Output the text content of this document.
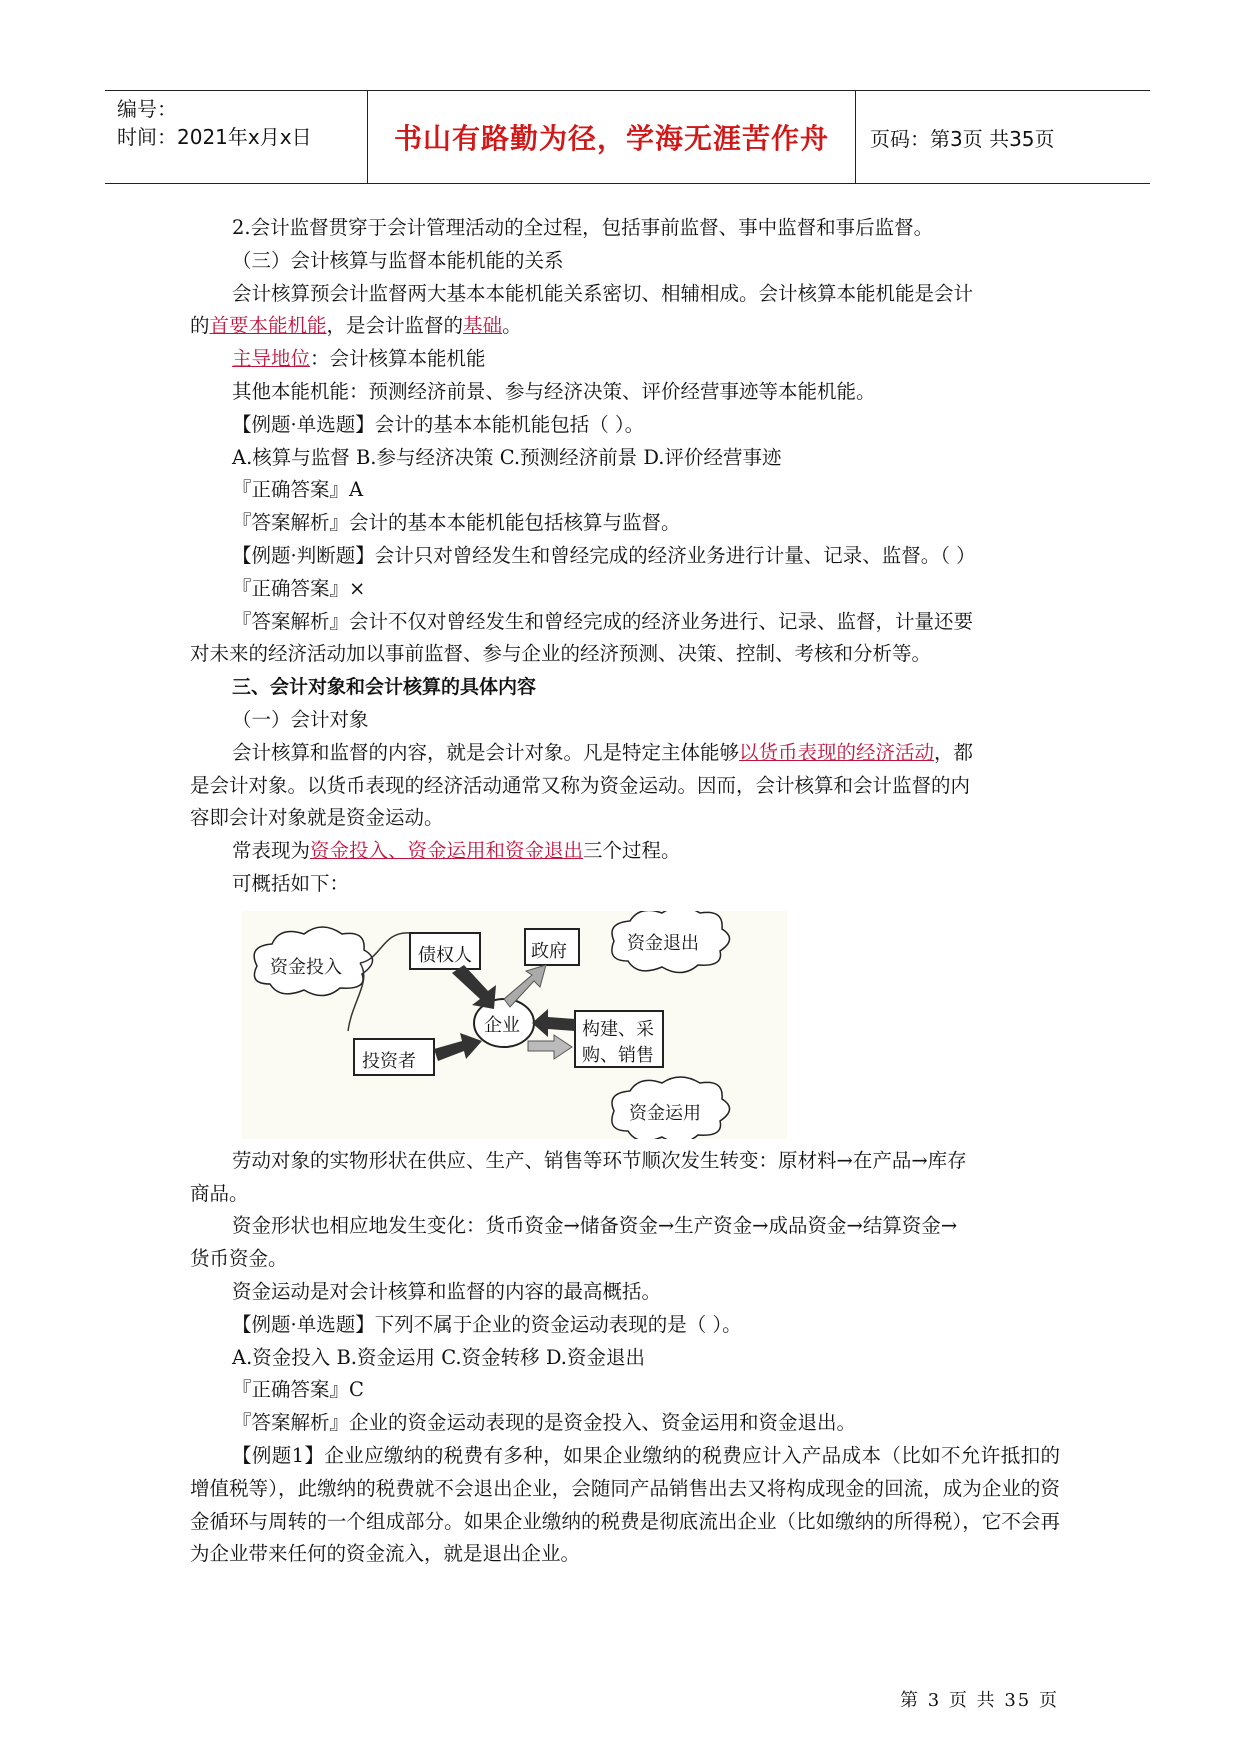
编号：
时间：2021年x月x日	书山有路勤为径，学海无涯苦作舟	页码：第3页 共35页
2.会计监督贯穿于会计管理活动的全过程，包括事前监督、事中监督和事后监督。
（三）会计核算与监督本能机能的关系
会计核算预会计监督两大基本本能机能关系密切、相辅相成。会计核算本能机能是会计
的首要本能机能，是会计监督的基础。
主导地位：会计核算本能机能
其他本能机能：预测经济前景、参与经济决策、评价经营事迹等本能机能。
【例题·单选题】会计的基本本能机能包括（ ）。
A.核算与监督 B.参与经济决策 C.预测经济前景 D.评价经营事迹
『正确答案』A
『答案解析』会计的基本本能机能包括核算与监督。
【例题·判断题】会计只对曾经发生和曾经完成的经济业务进行计量、记录、监督。（ ）
『正确答案』×
『答案解析』会计不仅对曾经发生和曾经完成的经济业务进行、记录、监督，计量还要
对未来的经济活动加以事前监督、参与企业的经济预测、决策、控制、考核和分析等。
三、会计对象和会计核算的具体内容
（一）会计对象
会计核算和监督的内容，就是会计对象。凡是特定主体能够以货币表现的经济活动，都
是会计对象。以货币表现的经济活动通常又称为资金运动。因而，会计核算和会计监督的内
容即会计对象就是资金运动。
常表现为资金投入、资金运用和资金退出三个过程。
可概括如下：
资金投入
债权人	政府	资金退出
企业
投资者
构建、采
购、销售
资金运用
劳动对象的实物形状在供应、生产、销售等环节顺次发生转变：原材料→在产品→库存
商品。
资金形状也相应地发生变化：货币资金→储备资金→生产资金→成品资金→结算资金→
货币资金。
资金运动是对会计核算和监督的内容的最高概括。
【例题·单选题】下列不属于企业的资金运动表现的是（ ）。
A.资金投入 B.资金运用 C.资金转移 D.资金退出
『正确答案』C
『答案解析』企业的资金运动表现的是资金投入、资金运用和资金退出。
【例题1】企业应缴纳的税费有多种，如果企业缴纳的税费应计入产品成本（比如不允许抵扣的增值税等），此缴纳的税费就不会退出企业，会随同产品销售出去又将构成现金的回流，成为企业的资金循环与周转的一个组成部分。如果企业缴纳的税费是彻底流出企业（比如缴纳的所得税），它不会再为企业带来任何的资金流入，就是退出企业。
第 3 页 共 35 页
